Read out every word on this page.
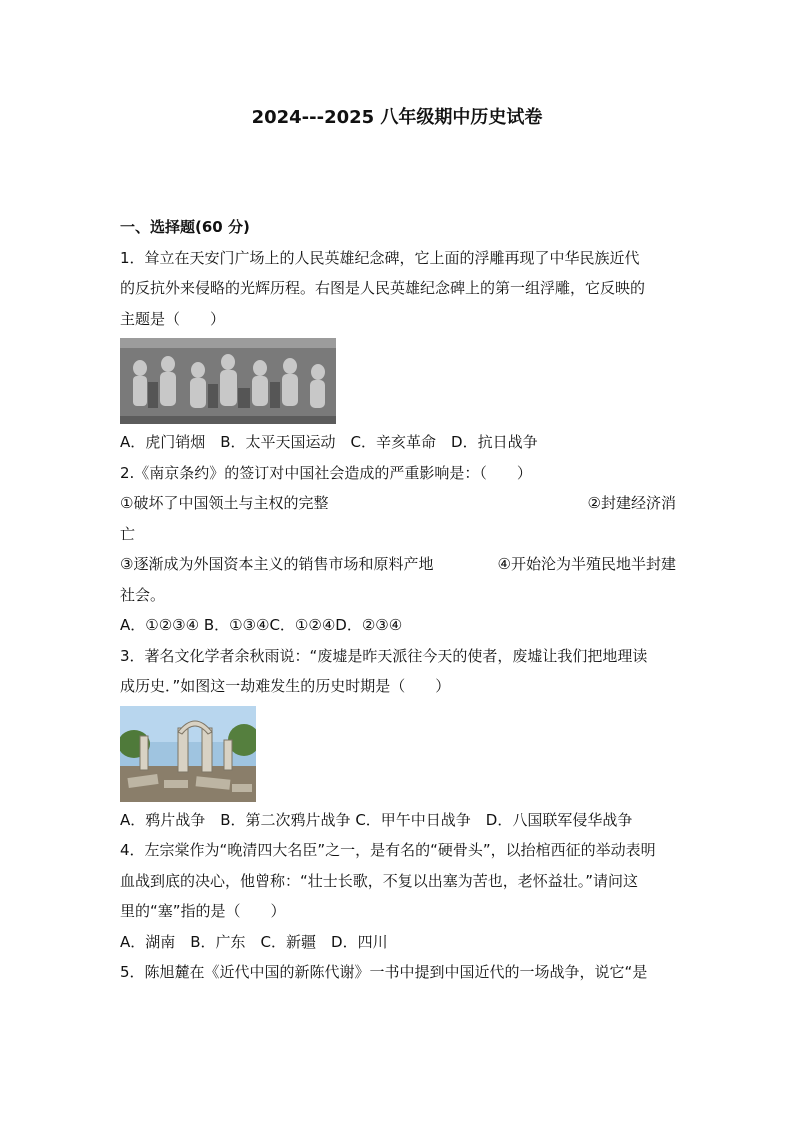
2024---2025 八年级期中历史试卷

一、选择题(60 分)

1．耸立在天安门广场上的人民英雄纪念碑，它上面的浮雕再现了中华民族近代

的反抗外来侵略的光辉历程。右图是人民英雄纪念碑上的第一组浮雕，它反映的

主题是（　　）

A．虎门销烟　B．太平天国运动　C．辛亥革命　D．抗日战争

2.《南京条约》的签订对中国社会造成的严重影响是：（　　）

①破坏了中国领土与主权的完整	②封建经济消

亡

③逐渐成为外国资本主义的销售市场和原料产地	④开始沦为半殖民地半封建

社会。

A．①②③④ B．①③④C．①②④D．②③④

3．著名文化学者余秋雨说：“废墟是昨天派往今天的使者，废墟让我们把地理读

成历史．”如图这一劫难发生的历史时期是（　　）

A．鸦片战争　B．第二次鸦片战争 C．甲午中日战争　D．八国联军侵华战争

4．左宗棠作为“晚清四大名臣”之一，是有名的“硬骨头”，以抬棺西征的举动表明

血战到底的决心，他曾称：“壮士长歌，不复以出塞为苦也，老怀益壮。”请问这

里的“塞”指的是（　　）

A．湖南　B．广东　C．新疆　D．四川

5．陈旭麓在《近代中国的新陈代谢》一书中提到中国近代的一场战争，说它“是
